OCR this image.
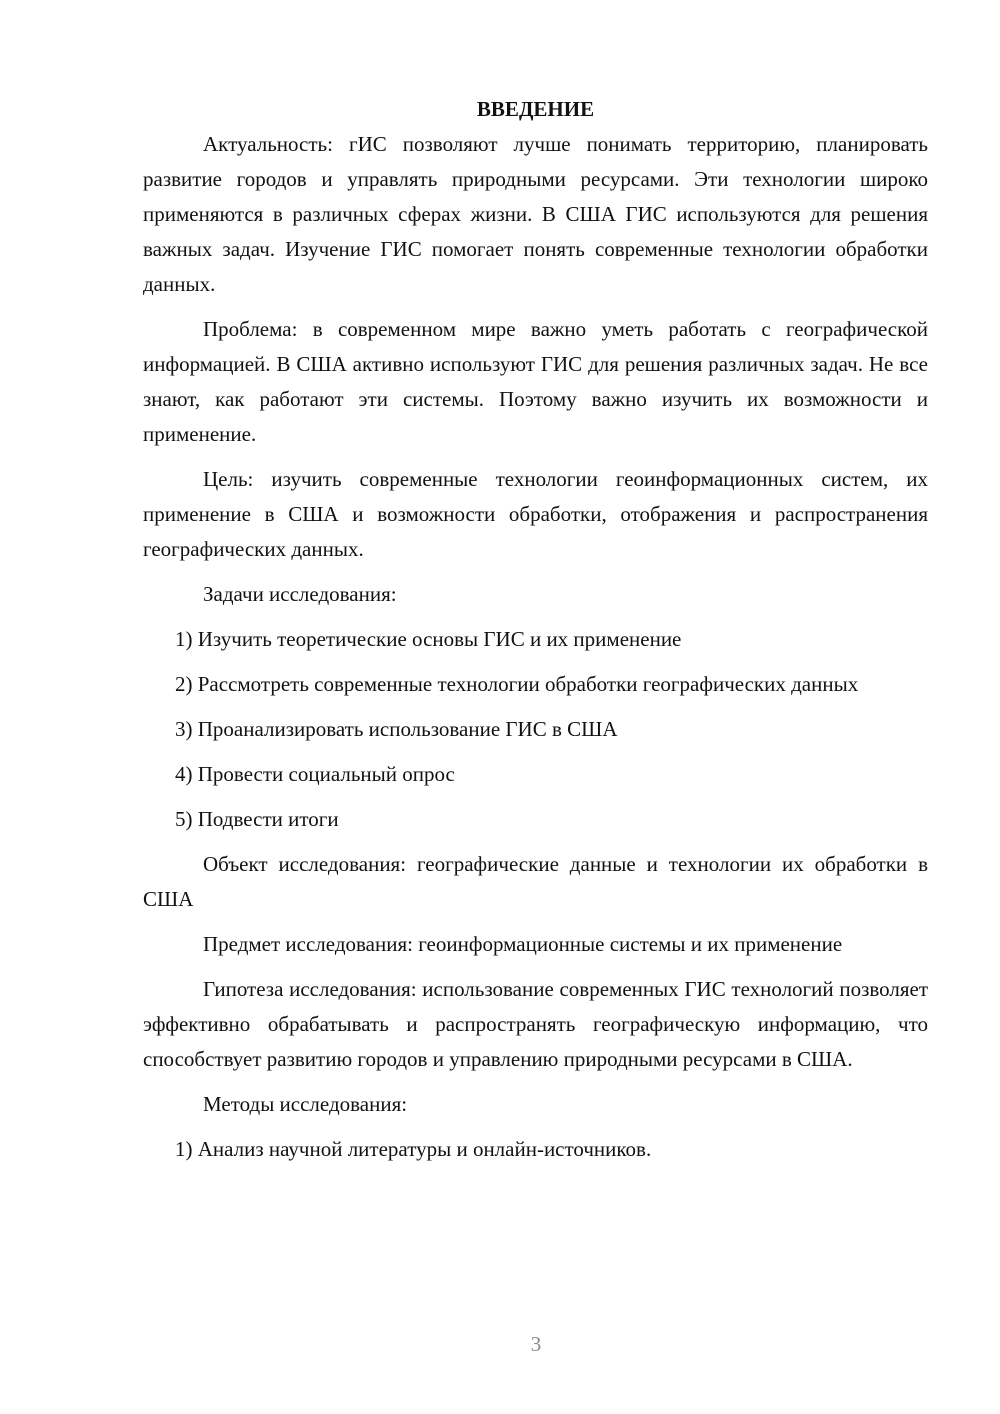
ВВЕДЕНИЕ

Актуальность: гИС позволяют лучше понимать территорию, планировать развитие городов и управлять природными ресурсами. Эти технологии широко применяются в различных сферах жизни. В США ГИС используются для решения важных задач. Изучение ГИС помогает понять современные технологии обработки данных.

Проблема: в современном мире важно уметь работать с географической информацией. В США активно используют ГИС для решения различных задач. Не все знают, как работают эти системы. Поэтому важно изучить их возможности и применение.

Цель: изучить современные технологии геоинформационных систем, их применение в США и возможности обработки, отображения и распространения географических данных.

Задачи исследования:

1) Изучить теоретические основы ГИС и их применение

2) Рассмотреть современные технологии обработки географических данных

3) Проанализировать использование ГИС в США

4) Провести социальный опрос

5) Подвести итоги

Объект исследования: географические данные и технологии их обработки в США

Предмет исследования: геоинформационные системы и их применение

Гипотеза исследования: использование современных ГИС технологий позволяет эффективно обрабатывать и распространять географическую информацию, что способствует развитию городов и управлению природными ресурсами в США.

Методы исследования:

1) Анализ научной литературы и онлайн-источников.

3
